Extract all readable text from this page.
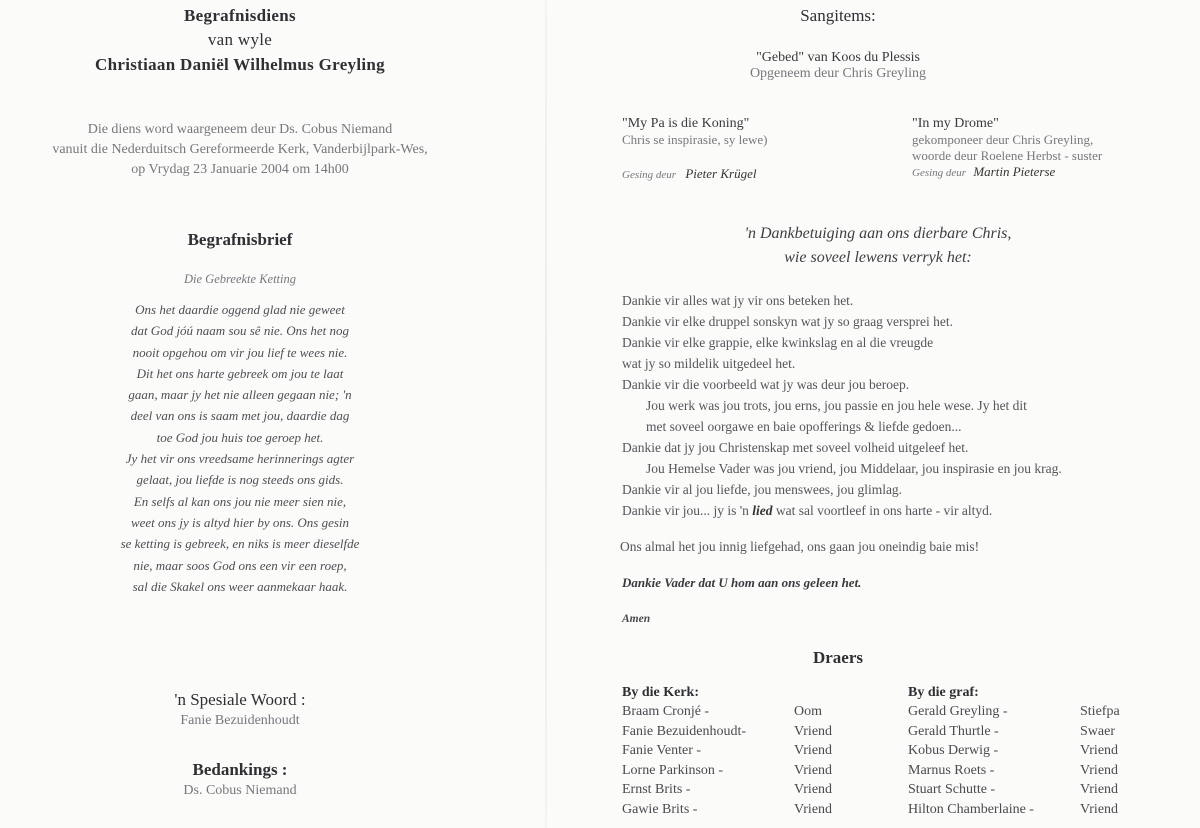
Begrafnisdiens
van wyle
Christiaan Daniël Wilhelmus Greyling
Die diens word waargeneem deur Ds. Cobus Niemand
vanuit die Nederduitsch Gereformeerde Kerk, Vanderbijlpark-Wes,
op Vrydag 23 Januarie 2004 om 14h00
Begrafnisbrief
Die Gebreekte Ketting
Ons het daardie oggend glad nie geweet
dat God jóú naam sou sê nie. Ons het nog
nooit opgehou om vir jou lief te wees nie.
Dit het ons harte gebreek om jou te laat
gaan, maar jy het nie alleen gegaan nie; 'n
deel van ons is saam met jou, daardie dag
toe God jou huis toe geroep het.
Jy het vir ons vreedsame herinnerings agter
gelaat, jou liefde is nog steeds ons gids.
En selfs al kan ons jou nie meer sien nie,
weet ons jy is altyd hier by ons. Ons gesin
se ketting is gebreek, en niks is meer dieselfde
nie, maar soos God ons een vir een roep,
sal die Skakel ons weer aanmekaar haak.
'n Spesiale Woord :
Fanie Bezuidenhoudt
Bedankings :
Ds. Cobus Niemand
Sangitems:
"Gebed" van Koos du Plessis
Opgeneem deur Chris Greyling
"My Pa is die Koning"
Chris se inspirasie, sy lewe)
Gesing deur Pieter Krügel
"In my Drome"
gekomponeer deur Chris Greyling,
woorde deur Roelene Herbst - suster
Gesing deur Martin Pieterse
'n Dankbetuiging aan ons dierbare Chris,
wie soveel lewens verryk het:
Dankie vir alles wat jy vir ons beteken het.
Dankie vir elke druppel sonskyn wat jy so graag versprei het.
Dankie vir elke grappie, elke kwinkslag en al die vreugde
wat jy so mildelik uitgedeel het.
Dankie vir die voorbeeld wat jy was deur jou beroep.
Jou werk was jou trots, jou erns, jou passie en jou hele wese. Jy het dit
met soveel oorgawe en baie opofferings & liefde gedoen...
Dankie dat jy jou Christenskap met soveel volheid uitgeleef het.
Jou Hemelse Vader was jou vriend, jou Middelaar, jou inspirasie en jou krag.
Dankie vir al jou liefde, jou menswees, jou glimlag.
Dankie vir jou... jy is 'n lied wat sal voortleef in ons harte - vir altyd.
Ons almal het jou innig liefgehad, ons gaan jou oneindig baie mis!
Dankie Vader dat U hom aan ons geleen het.
Amen
Draers
By die Kerk:
Braam Cronjé -	Oom
Fanie Bezuidenhoudt-	Vriend
Fanie Venter -	Vriend
Lorne Parkinson -	Vriend
Ernst Brits -	Vriend
Gawie Brits -	Vriend
By die graf:
Gerald Greyling -	Stiefpa
Gerald Thurtle -	Swaer
Kobus Derwig -	Vriend
Marnus Roets -	Vriend
Stuart Schutte -	Vriend
Hilton Chamberlaine -	Vriend
